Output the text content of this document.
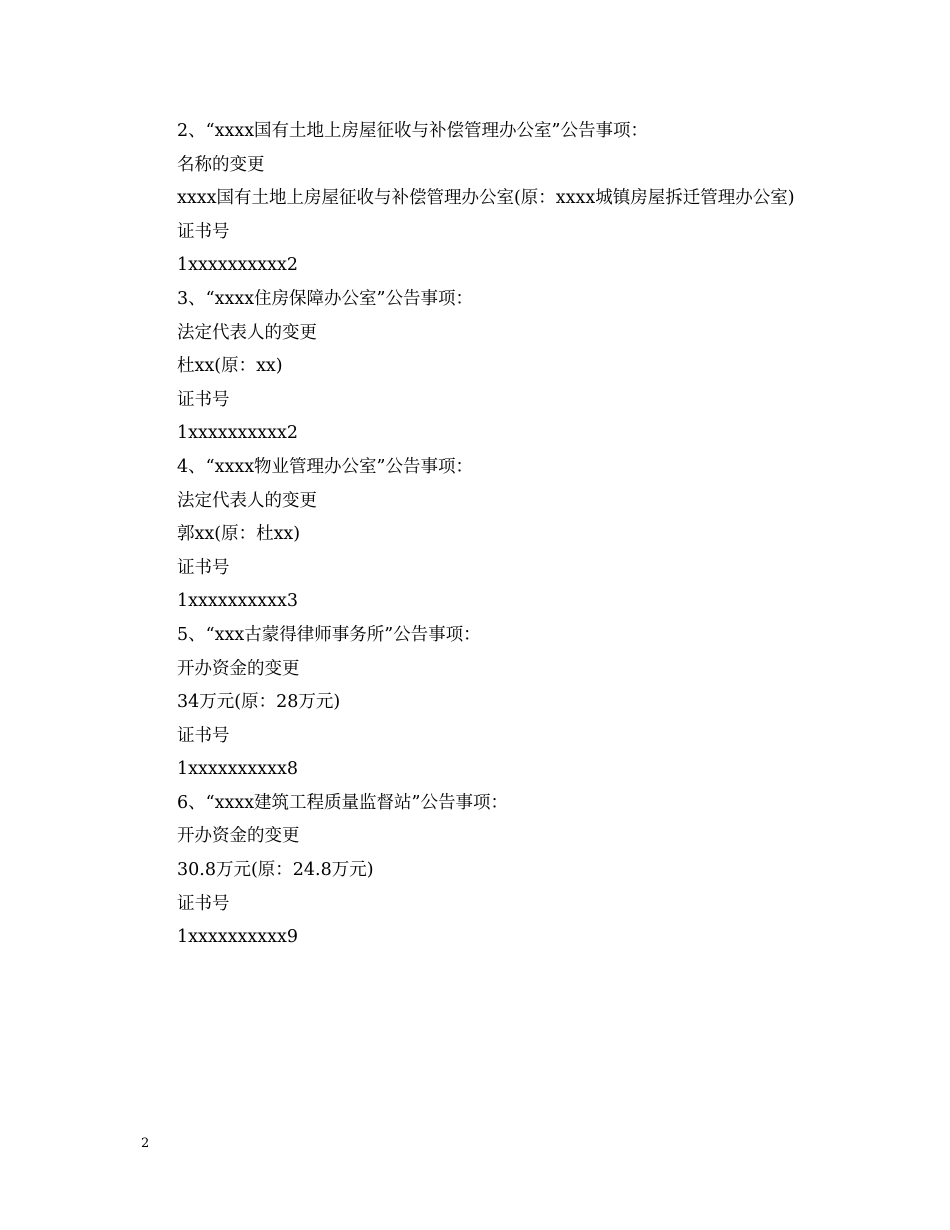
2、“xxxx国有土地上房屋征收与补偿管理办公室”公告事项：
名称的变更
xxxx国有土地上房屋征收与补偿管理办公室(原：xxxx城镇房屋拆迁管理办公室)
证书号
1xxxxxxxxxx2
3、“xxxx住房保障办公室”公告事项：
法定代表人的变更
杜xx(原：xx)
证书号
1xxxxxxxxxx2
4、“xxxx物业管理办公室”公告事项：
法定代表人的变更
郭xx(原：杜xx)
证书号
1xxxxxxxxxx3
5、“xxx古蒙得律师事务所”公告事项：
开办资金的变更
34万元(原：28万元)
证书号
1xxxxxxxxxx8
6、“xxxx建筑工程质量监督站”公告事项：
开办资金的变更
30.8万元(原：24.8万元)
证书号
1xxxxxxxxxx9
2
